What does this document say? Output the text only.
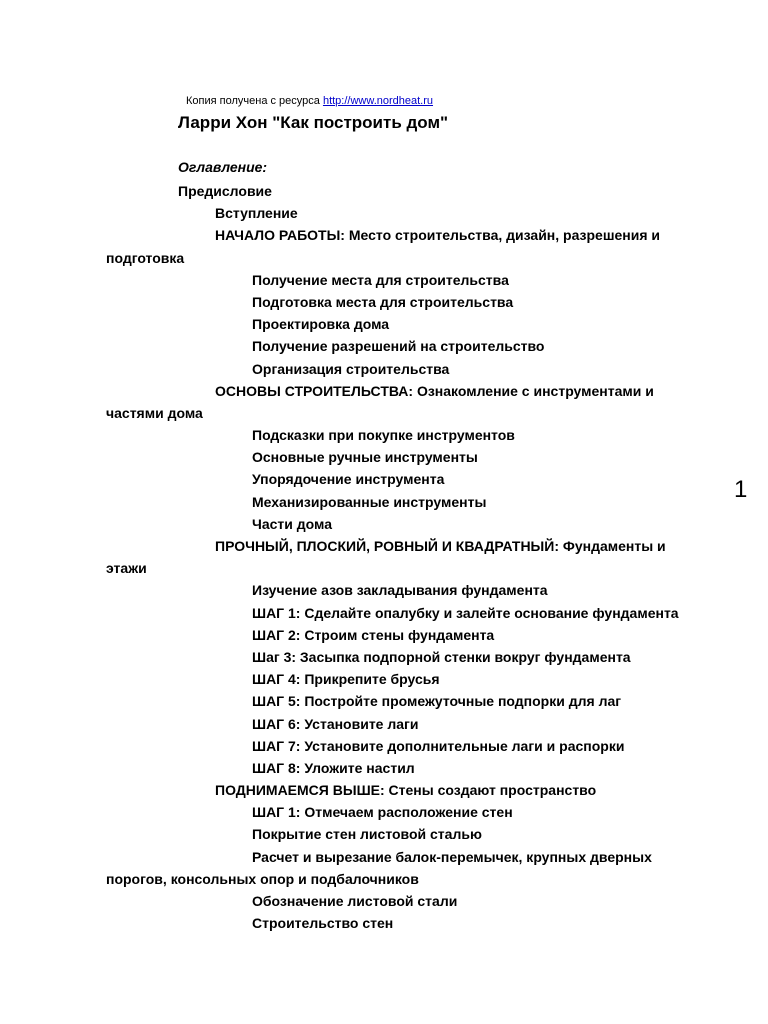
Копия получена с ресурса http://www.nordheat.ru
Ларри Хон "Как построить дом"
Оглавление:
Предисловие
Вступление
НАЧАЛО РАБОТЫ: Место строительства, дизайн, разрешения и
подготовка
Получение места для строительства
Подготовка места для строительства
Проектировка дома
Получение разрешений на строительство
Организация строительства
ОСНОВЫ СТРОИТЕЛЬСТВА: Ознакомление с инструментами и
частями дома
Подсказки при покупке инструментов
Основные ручные инструменты
Упорядочение инструмента
Механизированные инструменты
Части дома
ПРОЧНЫЙ, ПЛОСКИЙ, РОВНЫЙ И КВАДРАТНЫЙ: Фундаменты и
этажи
Изучение азов закладывания фундамента
ШАГ 1: Сделайте опалубку и залейте основание фундамента
ШАГ 2: Строим стены фундамента
Шаг 3: Засыпка подпорной стенки вокруг фундамента
ШАГ 4: Прикрепите брусья
ШАГ 5: Постройте промежуточные подпорки для лаг
ШАГ 6: Установите лаги
ШАГ 7: Установите дополнительные лаги и распорки
ШАГ 8: Уложите настил
ПОДНИМАЕМСЯ ВЫШЕ: Стены создают пространство
ШАГ 1: Отмечаем расположение стен
Покрытие стен листовой сталью
Расчет и вырезание балок-перемычек, крупных дверных
порогов, консольных опор и подбалочников
Обозначение листовой стали
Строительство стен
1
